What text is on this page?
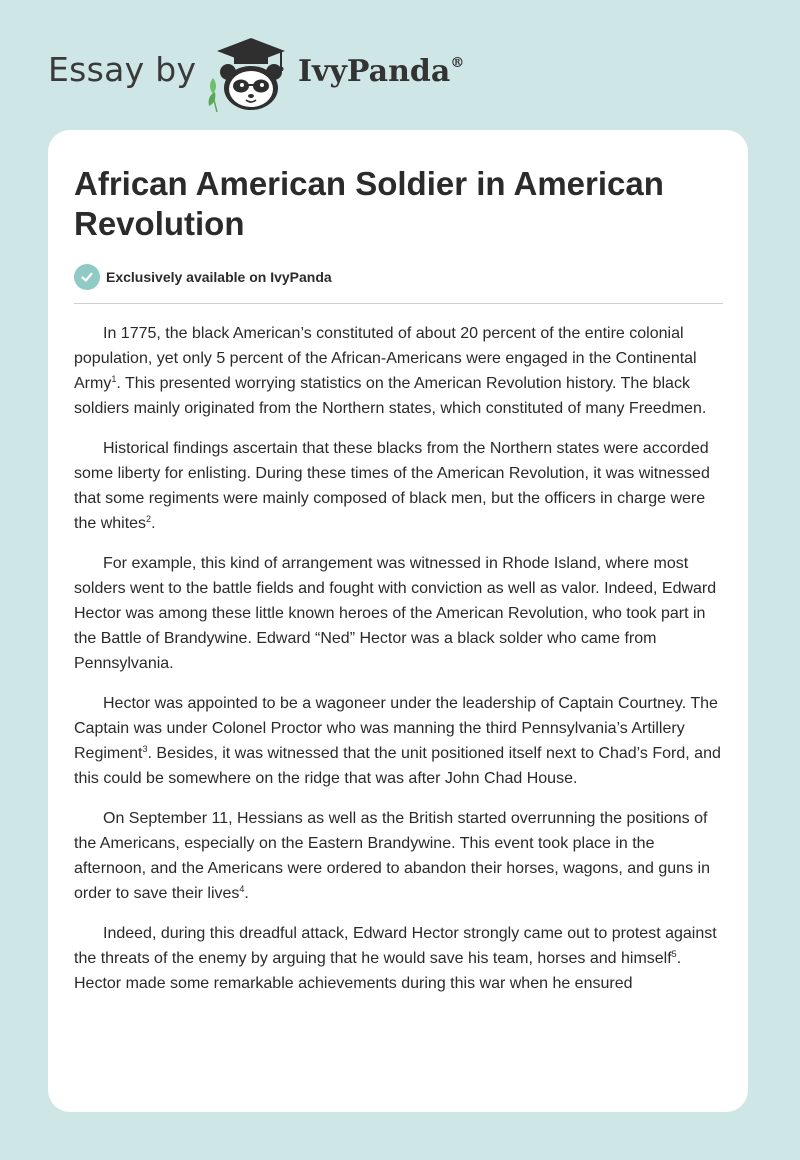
Essay by	IvyPanda®
African American Soldier in American Revolution
Exclusively available on IvyPanda

In 1775, the black American’s constituted of about 20 percent of the entire colonial population, yet only 5 percent of the African-Americans were engaged in the Continental Army$^1$. This presented worrying statistics on the American Revolution history. The black soldiers mainly originated from the Northern states, which constituted of many Freedmen.

Historical findings ascertain that these blacks from the Northern states were accorded some liberty for enlisting. During these times of the American Revolution, it was witnessed that some regiments were mainly composed of black men, but the officers in charge were the whites$^2$.

For example, this kind of arrangement was witnessed in Rhode Island, where most solders went to the battle fields and fought with conviction as well as valor. Indeed, Edward Hector was among these little known heroes of the American Revolution, who took part in the Battle of Brandywine. Edward “Ned” Hector was a black solder who came from Pennsylvania.

Hector was appointed to be a wagoneer under the leadership of Captain Courtney. The Captain was under Colonel Proctor who was manning the third Pennsylvania’s Artillery Regiment$^3$. Besides, it was witnessed that the unit positioned itself next to Chad’s Ford, and this could be somewhere on the ridge that was after John Chad House.

On September 11, Hessians as well as the British started overrunning the positions of the Americans, especially on the Eastern Brandywine. This event took place in the afternoon, and the Americans were ordered to abandon their horses, wagons, and guns in order to save their lives$^4$.

Indeed, during this dreadful attack, Edward Hector strongly came out to protest against the threats of the enemy by arguing that he would save his team, horses and himself$^5$. Hector made some remarkable achievements during this war when he ensured
